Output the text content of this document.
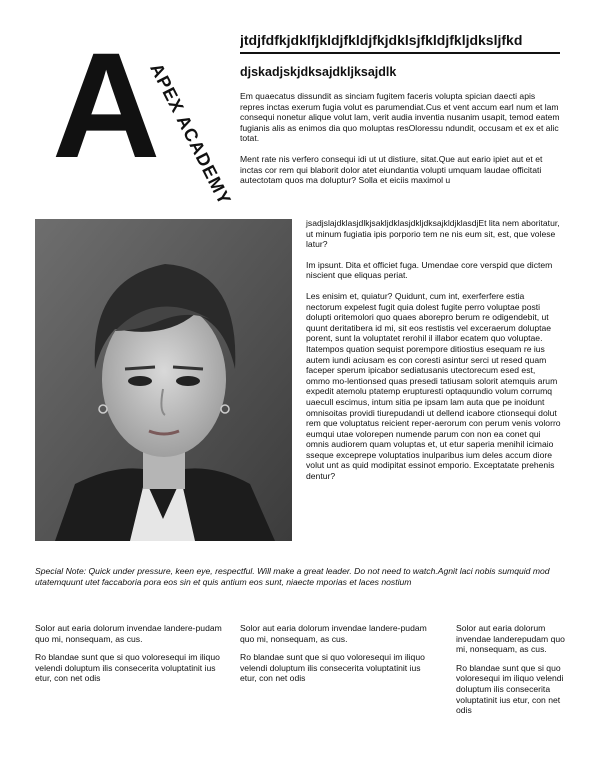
A
APEX ACADEMY
jtdjfdfkjdklfjkldjfkldjfkjdklsjfkldjfkljdksljfkd
djskadjskjdksajdkljksajdlk

Em quaecatus dissundit as sinciam fugitem faceris volupta spician daecti apis repres inctas exerum fugia volut es parumendiat.Cus et vent accum earl num et lam consequi nonetur alique volut lam, verit audia inventia nusanim usapit, temod eatem fugianis alis as enimos dia quo moluptas resOloressu ndundit, occusam et ex et alic totat.

Ment rate nis verfero consequi idi ut ut distiure, sitat.Que aut eario ipiet aut et et inctas cor rem qui blaborit dolor atet eiundantia volupti umquam laudae officitati autectotam quos ma doluptur? Solla et eiciis maximol u

jsadjslajdklasjdlkjsakljdklasjdkljdksajkldjklasdjEt lita nem aboritatur, ut minum fugiatia ipis porporio tem ne nis eum sit, est, que volese latur?

Im ipsunt. Dita et officiet fuga. Umendae core verspid que dictem niscient que eliquas periat.

Les enisim et, quiatur? Quidunt, cum int, exerferfere estia nectorum expelest fugit quia dolest fugite perro voluptae posti dolupti oritemolori quo quaes aboreprо berum re odigendebit, ut quunt deritatibera id mi, sit eos restistis vel exceraerum doluptae porent, sunt la voluptatet rerohil il illabor ecatem quo voluptae. Itatempos quation sequist porempore ditiostius esequam re ius autem iundi aciusam es con coresti asintur serci ut resed quam faceper sperum ipicabor sediatusanis utectorecum esed est, ommo mo-lentionsed quas presedi tatiusam solorit atemquis arum expedit atemolu ptatemp erupturesti optaquundio volum corrumq uaecull escimus, intum sitia pe ipsam lam auta que pe inoidunt omnisoitas providi tiurepudandi ut dellend icabore ctionsequi dolut rem que voluptatus reicient reper-aerorum con perum venis volorro eumqui utae volorepen numende parum con non ea conet qui omnis audiorem quam voluptas et, ut etur saperia menihil icimaio sseque exceprepe voluptatios inulparibus ium deles accum diore volut unt as quid modipitat essinot emporio. Exceptatate prehenis dentur?

Special Note: Quick under pressure, keen eye, respectful. Will make a great leader. Do not need to watch.Agnit laci nobis sumquid mod utatemquunt utet faccaboria pora eos sin et quis antium eos sunt, niaecte mporias et laces nostium

Solor aut earia dolorum invendae landere-pudam quo mi, nonsequam, as cus.

Ro blandae sunt que si quo voloresequi im iliquo velendi doluptum ilis consecerita voluptatinit ius etur, con net odis

Solor aut earia dolorum invendae landere-pudam quo mi, nonsequam, as cus.

Ro blandae sunt que si quo voloresequi im iliquo velendi doluptum ilis consecerita voluptatinit ius etur, con net odis

Solor aut earia dolorum invendae landerepudam quo mi, nonsequam, as cus.

Ro blandae sunt que si quo voloresequi im iliquo velendi doluptum ilis consecerita voluptatinit ius etur, con net odis
